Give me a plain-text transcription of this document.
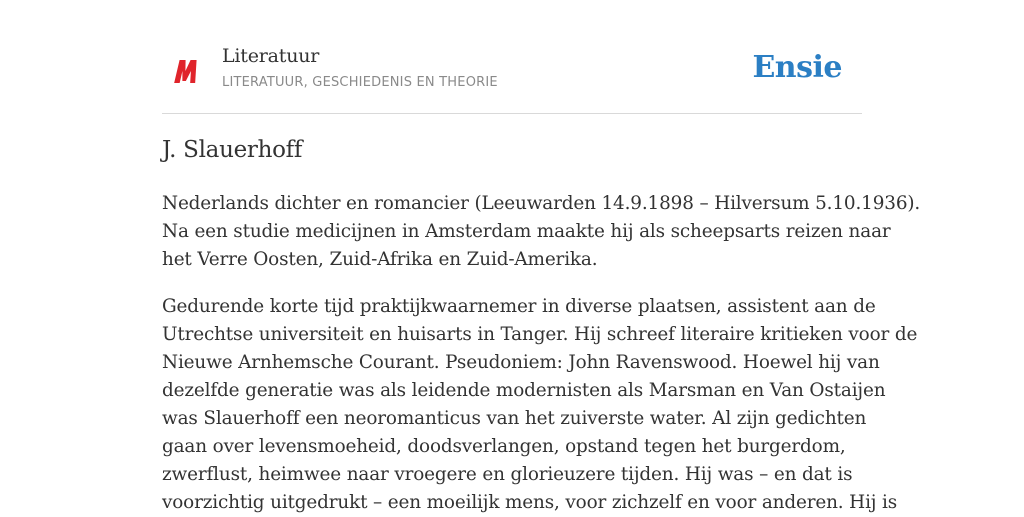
Literatuur
LITERATUUR, GESCHIEDENIS EN THEORIE	Ensie
J. Slauerhoff

Nederlands dichter en romancier (Leeuwarden 14.9.1898 – Hilversum 5.10.1936).
Na een studie medicijnen in Amsterdam maakte hij als scheepsarts reizen naar
het Verre Oosten, Zuid-Afrika en Zuid-Amerika.

Gedurende korte tijd praktijkwaarnemer in diverse plaatsen, assistent aan de
Utrechtse universiteit en huisarts in Tanger. Hij schreef literaire kritieken voor de
Nieuwe Arnhemsche Courant. Pseudoniem: John Ravenswood. Hoewel hij van
dezelfde generatie was als leidende modernisten als Marsman en Van Ostaijen
was Slauerhoff een neoromanticus van het zuiverste water. Al zijn gedichten
gaan over levensmoeheid, doodsverlangen, opstand tegen het burgerdom,
zwerflust, heimwee naar vroegere en glorieuzere tijden. Hij was – en dat is
voorzichtig uitgedrukt – een moeilijk mens, voor zichzelf en voor anderen. Hij is
